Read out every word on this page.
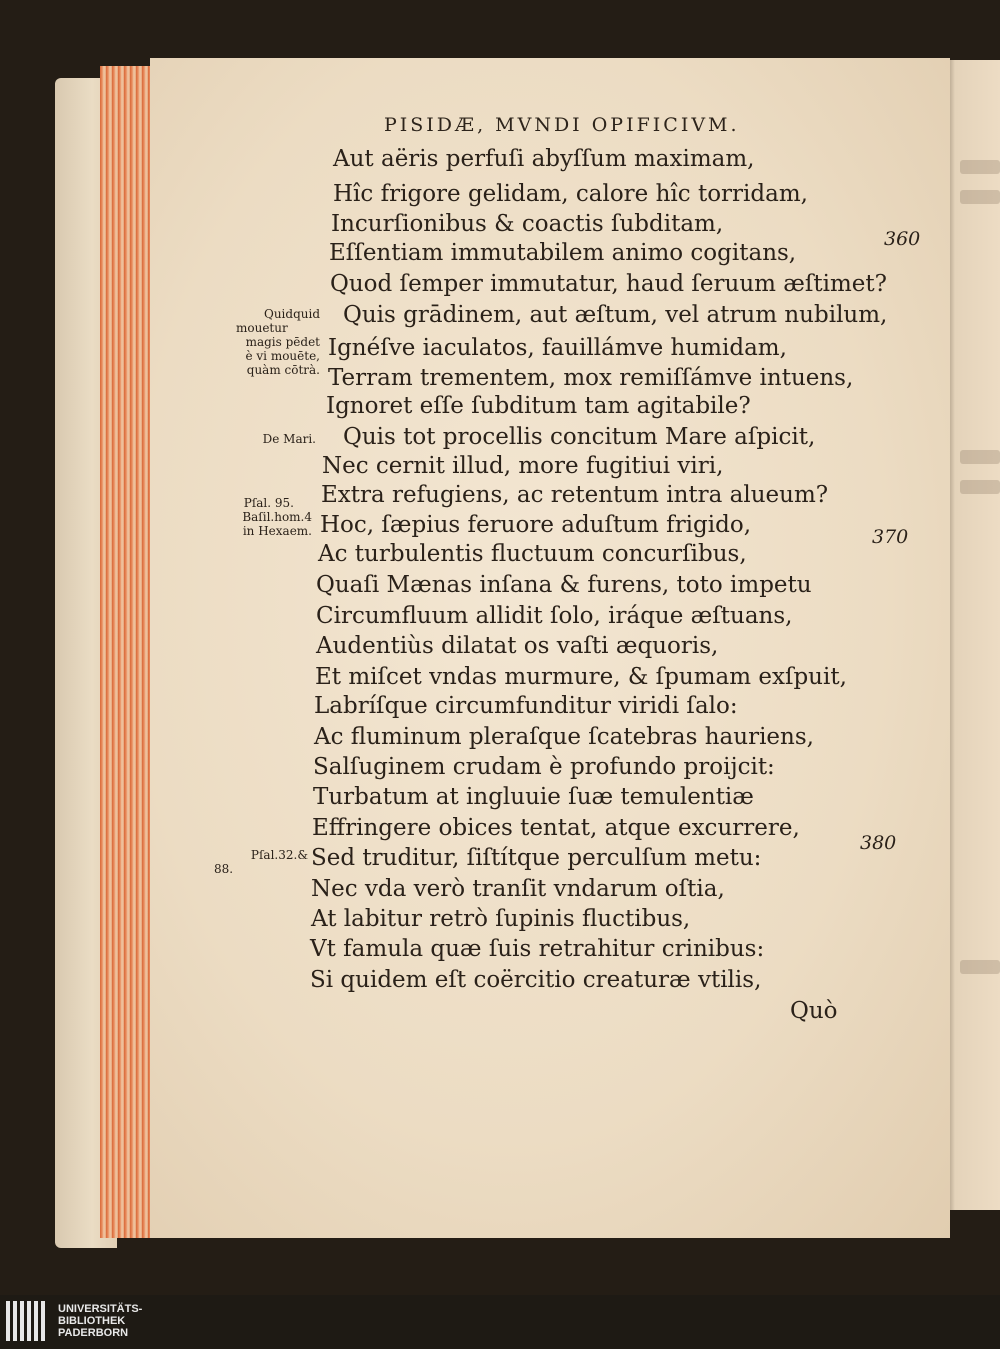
PISIDÆ, MVNDI OPIFICIVM.
Aut aëris perfuſi abyſſum maximam,
Hîc frigore gelidam, calore hîc torridam,
Incurſionibus & coactis ſubditam,
Eſſentiam immutabilem animo cogitans,
Quod ſemper immutatur, haud ſeruum æſtimet?
Quis grādinem, aut æſtum, vel atrum nubilum,
Ignéſve iaculatos, fauillámve humidam,
Terram trementem, mox remiſſámve intuens,
Ignoret eſſe ſubditum tam agitabile?
Quis tot procellis concitum Mare aſpicit,
Nec cernit illud, more fugitiui viri,
Extra refugiens, ac retentum intra alueum?
Hoc, ſæpius feruore aduſtum frigido,
Ac turbulentis fluctuum concurſibus,
Quaſi Mænas inſana & furens, toto impetu
Circumfluum allidit ſolo, iráque æſtuans,
Audentiùs dilatat os vaſti æquoris,
Et miſcet vndas murmure, & ſpumam exſpuit,
Labríſque circumfunditur viridi ſalo:
Ac fluminum pleraſque ſcatebras hauriens,
Salſuginem crudam è profundo proijcit:
Turbatum at ingluuie ſuæ temulentiæ
Effringere obices tentat, atque excurrere,
Sed truditur, ſiſtítque perculſum metu:
Nec vda verò tranſit vndarum oſtia,
At labitur retrò ſupinis fluctibus,
Vt famula quæ ſuis retrahitur crinibus:
Si quidem eſt coërcitio creaturæ vtilis,
360
370
380
Quidquid
mouetur
magis pēdet
è vi mouēte,
quàm cōtrà.
De Mari.
Pſal. 95.
Baſil.hom.4
in Hexaem.
Pſal.32.&
88.
Quò
UNIVERSITÄTS-
BIBLIOTHEK
PADERBORN
